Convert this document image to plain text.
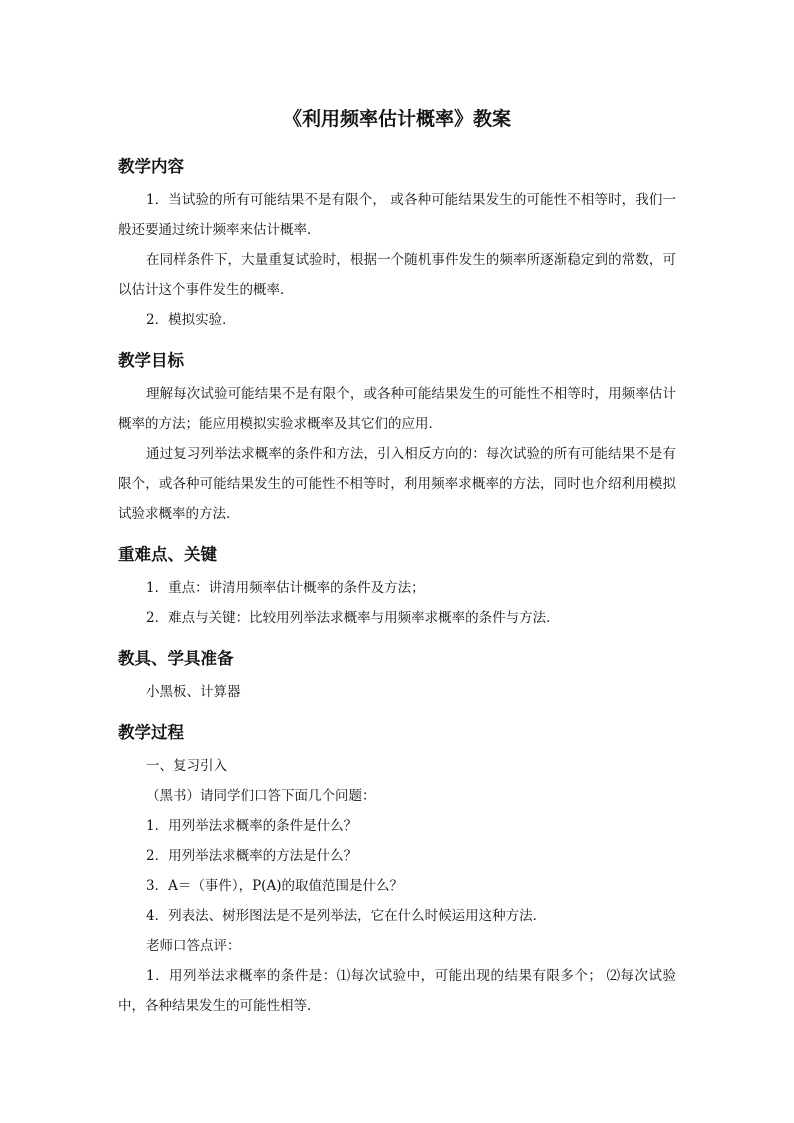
《利用频率估计概率》教案
教学内容

1．当试验的所有可能结果不是有限个， 或各种可能结果发生的可能性不相等时，我们一般还要通过统计频率来估计概率．

在同样条件下，大量重复试验时，根据一个随机事件发生的频率所逐渐稳定到的常数，可以估计这个事件发生的概率．

2．模拟实验．

教学目标

理解每次试验可能结果不是有限个，或各种可能结果发生的可能性不相等时，用频率估计概率的方法；能应用模拟实验求概率及其它们的应用．

通过复习列举法求概率的条件和方法，引入相反方向的：每次试验的所有可能结果不是有限个，或各种可能结果发生的可能性不相等时，利用频率求概率的方法，同时也介绍利用模拟试验求概率的方法．

重难点、关键

1．重点：讲清用频率估计概率的条件及方法；

2．难点与关键：比较用列举法求概率与用频率求概率的条件与方法．

教具、学具准备

小黑板、计算器

教学过程

一、复习引入

（黑书）请同学们口答下面几个问题：

1．用列举法求概率的条件是什么？

2．用列举法求概率的方法是什么？

3．A＝（事件），P(A)的取值范围是什么？

4．列表法、树形图法是不是列举法，它在什么时候运用这种方法．

老师口答点评：

1．用列举法求概率的条件是：⑴每次试验中，可能出现的结果有限多个； ⑵每次试验中，各种结果发生的可能性相等．
